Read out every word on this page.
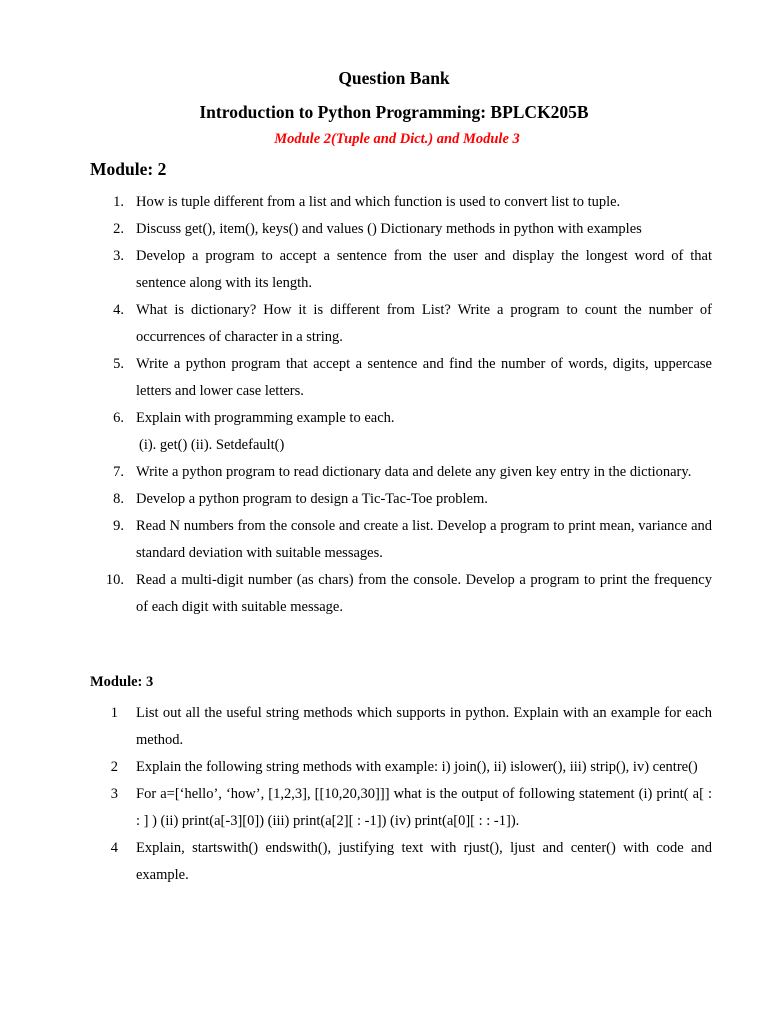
Question Bank
Introduction to Python Programming: BPLCK205B
Module 2(Tuple and Dict.) and Module 3
Module: 2
1. How is tuple different from a list and which function is used to convert list to tuple.
2. Discuss get(), item(), keys() and values () Dictionary methods in python with examples
3. Develop a program to accept a sentence from the user and display the longest word of that sentence along with its length.
4. What is dictionary? How it is different from List? Write a program to count the number of occurrences of character in a string.
5. Write a python program that accept a sentence and find the number of words, digits, uppercase letters and lower case letters.
6. Explain with programming example to each.
(i). get() (ii). Setdefault()
7. Write a python program to read dictionary data and delete any given key entry in the dictionary.
8. Develop a python program to design a Tic-Tac-Toe problem.
9. Read N numbers from the console and create a list. Develop a program to print mean, variance and standard deviation with suitable messages.
10. Read a multi-digit number (as chars) from the console. Develop a program to print the frequency of each digit with suitable message.
Module: 3
1 List out all the useful string methods which supports in python. Explain with an example for each method.
2 Explain the following string methods with example: i) join(), ii) islower(), iii) strip(), iv) centre()
3 For a=[‘hello’, ‘how’, [1,2,3], [[10,20,30]]] what is the output of following statement (i) print( a[ : : ] ) (ii) print(a[-3][0]) (iii) print(a[2][ : -1]) (iv) print(a[0][ : : -1]).
4 Explain, startswith() endswith(), justifying text with rjust(), ljust and center() with code and example.
